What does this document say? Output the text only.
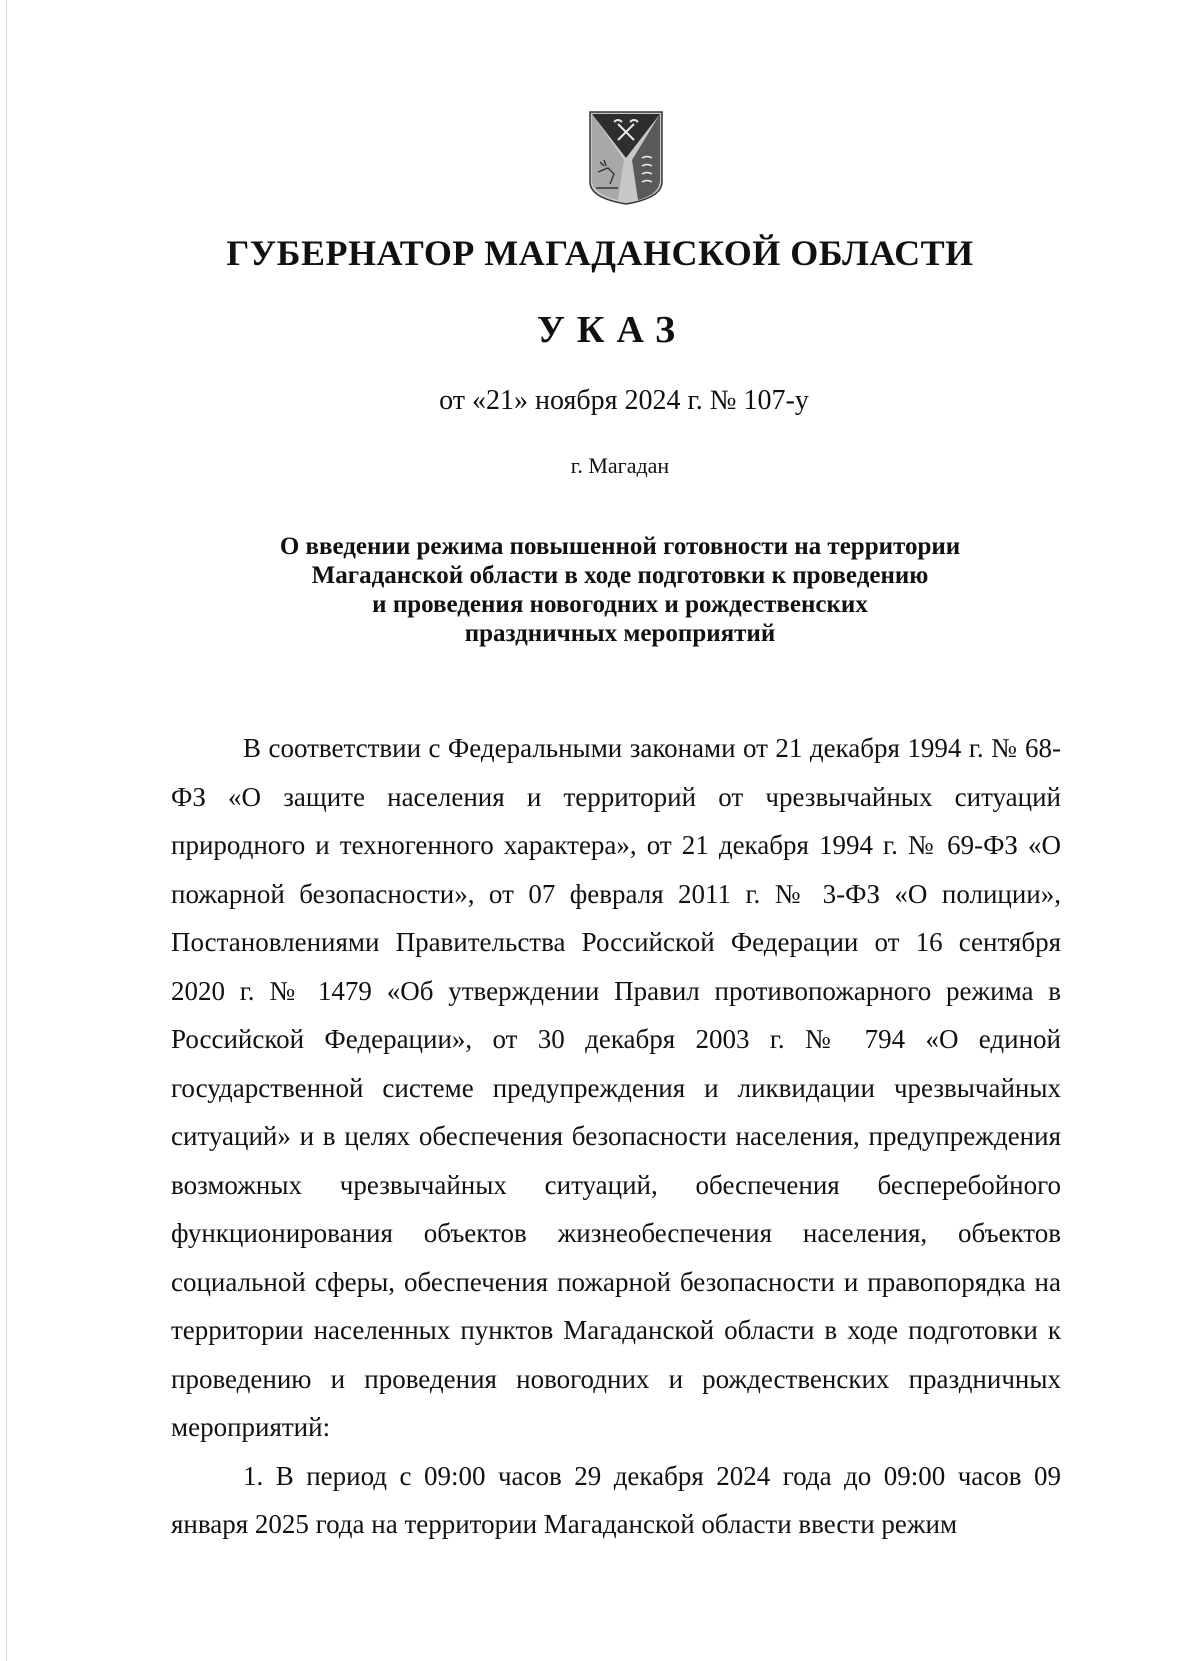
ГУБЕРНАТОР МАГАДАНСКОЙ ОБЛАСТИ
УКАЗ
от «21» ноября 2024 г. № 107-у
г. Магадан
О введении режима повышенной готовности на территории
Магаданской области в ходе подготовки к проведению
и проведения новогодних и рождественских
праздничных мероприятий

В соответствии с Федеральными законами от 21 декабря 1994 г. № 68-ФЗ «О защите населения и территорий от чрезвычайных ситуаций природного и техногенного характера», от 21 декабря 1994 г. № 69-ФЗ «О пожарной безопасности», от 07 февраля 2011 г. № 3-ФЗ «О полиции», Постановлениями Правительства Российской Федерации от 16 сентября 2020 г. № 1479 «Об утверждении Правил противопожарного режима в Российской Федерации», от 30 декабря 2003 г. № 794 «О единой государственной системе предупреждения и ликвидации чрезвычайных ситуаций» и в целях обеспечения безопасности населения, предупреждения возможных чрезвычайных ситуаций, обеспечения бесперебойного функционирования объектов жизнеобеспечения населения, объектов социальной сферы, обеспечения пожарной безопасности и правопорядка на территории населенных пунктов Магаданской области в ходе подготовки к проведению и проведения новогодних и рождественских праздничных мероприятий:

1. В период с 09:00 часов 29 декабря 2024 года до 09:00 часов 09 января 2025 года на территории Магаданской области ввести режим
